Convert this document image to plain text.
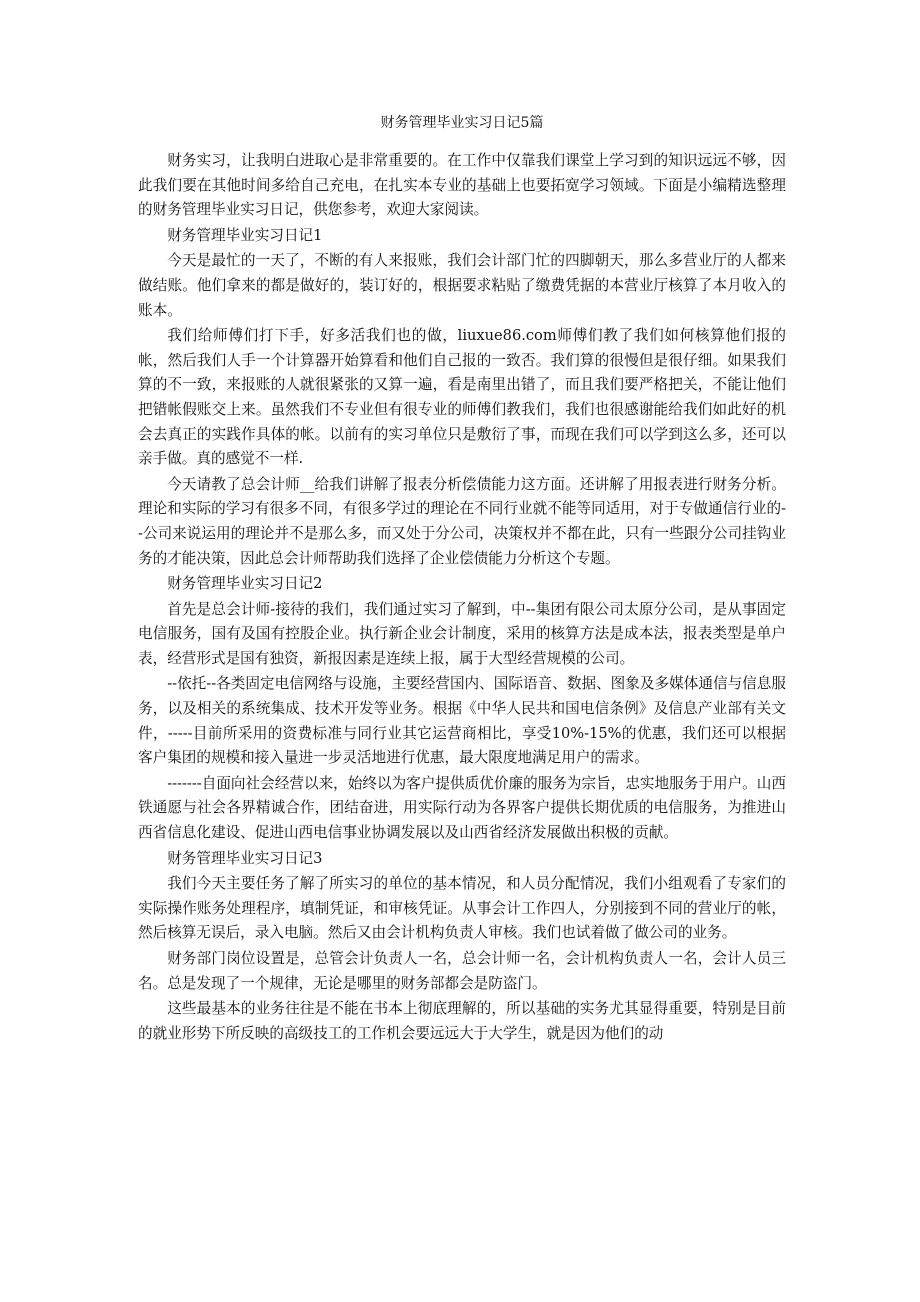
财务管理毕业实习日记5篇

财务实习，让我明白进取心是非常重要的。在工作中仅靠我们课堂上学习到的知识远远不够，因此我们要在其他时间多给自己充电，在扎实本专业的基础上也要拓宽学习领域。下面是小编精选整理的财务管理毕业实习日记，供您参考，欢迎大家阅读。

财务管理毕业实习日记1

今天是最忙的一天了，不断的有人来报账，我们会计部门忙的四脚朝天，那么多营业厅的人都来做结账。他们拿来的都是做好的，装订好的，根据要求粘贴了缴费凭据的本营业厅核算了本月收入的账本。

我们给师傅们打下手，好多活我们也的做，liuxue86.com师傅们教了我们如何核算他们报的帐，然后我们人手一个计算器开始算看和他们自己报的一致否。我们算的很慢但是很仔细。如果我们算的不一致，来报账的人就很紧张的又算一遍，看是南里出错了，而且我们要严格把关，不能让他们把错帐假账交上来。虽然我们不专业但有很专业的师傅们教我们，我们也很感谢能给我们如此好的机会去真正的实践作具体的帐。以前有的实习单位只是敷衍了事，而现在我们可以学到这么多，还可以亲手做。真的感觉不一样.

今天请教了总会计师__给我们讲解了报表分析偿债能力这方面。还讲解了用报表进行财务分析。理论和实际的学习有很多不同，有很多学过的理论在不同行业就不能等同适用，对于专做通信行业的--公司来说运用的理论并不是那么多，而又处于分公司，决策权并不都在此，只有一些跟分公司挂钩业务的才能决策，因此总会计师帮助我们选择了企业偿债能力分析这个专题。

财务管理毕业实习日记2

首先是总会计师-接待的我们，我们通过实习了解到，中--集团有限公司太原分公司，是从事固定电信服务，国有及国有控股企业。执行新企业会计制度，采用的核算方法是成本法，报表类型是单户表，经营形式是国有独资，新报因素是连续上报，属于大型经营规模的公司。

--依托--各类固定电信网络与设施，主要经营国内、国际语音、数据、图象及多媒体通信与信息服务，以及相关的系统集成、技术开发等业务。根据《中华人民共和国电信条例》及信息产业部有关文件，-----目前所采用的资费标准与同行业其它运营商相比，享受10%-15%的优惠，我们还可以根据客户集团的规模和接入量进一步灵活地进行优惠，最大限度地满足用户的需求。

-------自面向社会经营以来，始终以为客户提供质优价廉的服务为宗旨，忠实地服务于用户。山西铁通愿与社会各界精诚合作，团结奋进，用实际行动为各界客户提供长期优质的电信服务，为推进山西省信息化建设、促进山西电信事业协调发展以及山西省经济发展做出积极的贡献。

财务管理毕业实习日记3

我们今天主要任务了解了所实习的单位的基本情况，和人员分配情况，我们小组观看了专家们的实际操作账务处理程序，填制凭证，和审核凭证。从事会计工作四人，分别接到不同的营业厅的帐，然后核算无误后，录入电脑。然后又由会计机构负责人审核。我们也试着做了做公司的业务。

财务部门岗位设置是，总管会计负责人一名，总会计师一名，会计机构负责人一名，会计人员三名。总是发现了一个规律，无论是哪里的财务部都会是防盗门。

这些最基本的业务往往是不能在书本上彻底理解的，所以基础的实务尤其显得重要，特别是目前的就业形势下所反映的高级技工的工作机会要远远大于大学生，就是因为他们的动
